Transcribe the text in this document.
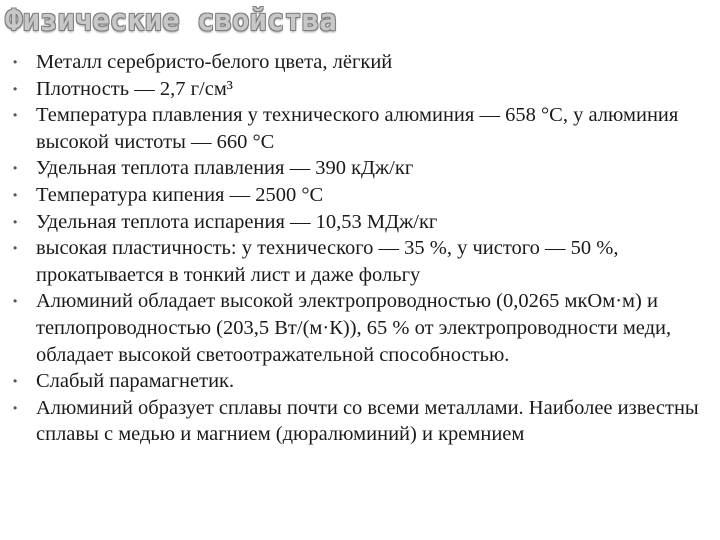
Физические свойства
• Металл серебристо-белого цвета, лёгкий
• Плотность — 2,7 г/см³
• Температура плавления у технического алюминия — 658 °C, у алюминия высокой чистоты — 660 °C
• Удельная теплота плавления — 390 кДж/кг
• Температура кипения — 2500 °C
• Удельная теплота испарения — 10,53 МДж/кг
• высокая пластичность: у технического — 35 %, у чистого — 50 %, прокатывается в тонкий лист и даже фольгу
• Алюминий обладает высокой электропроводностью (0,0265 мкОм·м) и теплопроводностью (203,5 Вт/(м·К)), 65 % от электропроводности меди, обладает высокой светоотражательной способностью.
• Слабый парамагнетик.
• Алюминий образует сплавы почти со всеми металлами. Наиболее известны сплавы с медью и магнием (дюралюминий) и кремнием
